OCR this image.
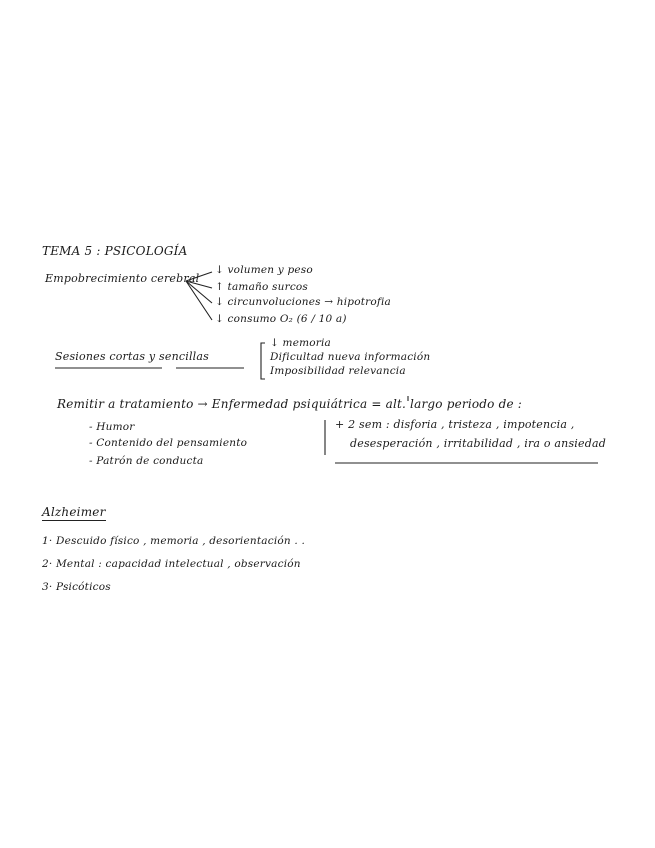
TEMA 5 : PSICOLOGÍA
Empobrecimiento cerebral
↓ volumen y peso
↑ tamaño surcos
↓ circunvoluciones → hipotrofia
↓ consumo O₂ (6 / 10 a)
Sesiones cortas y sencillas
↓ memoria
Dificultad nueva información
Imposibilidad relevancia
Remitir a tratamiento → Enfermedad psiquiátrica = alt. largo periodo de :
- Humor
- Contenido del pensamiento
- Patrón de conducta
+ 2 sem : disforia , tristeza , impotencia ,
desesperación , irritabilidad , ira o ansiedad
Alzheimer
1· Descuido físico , memoria , desorientación . .
2· Mental : capacidad intelectual , observación
3· Psicóticos
